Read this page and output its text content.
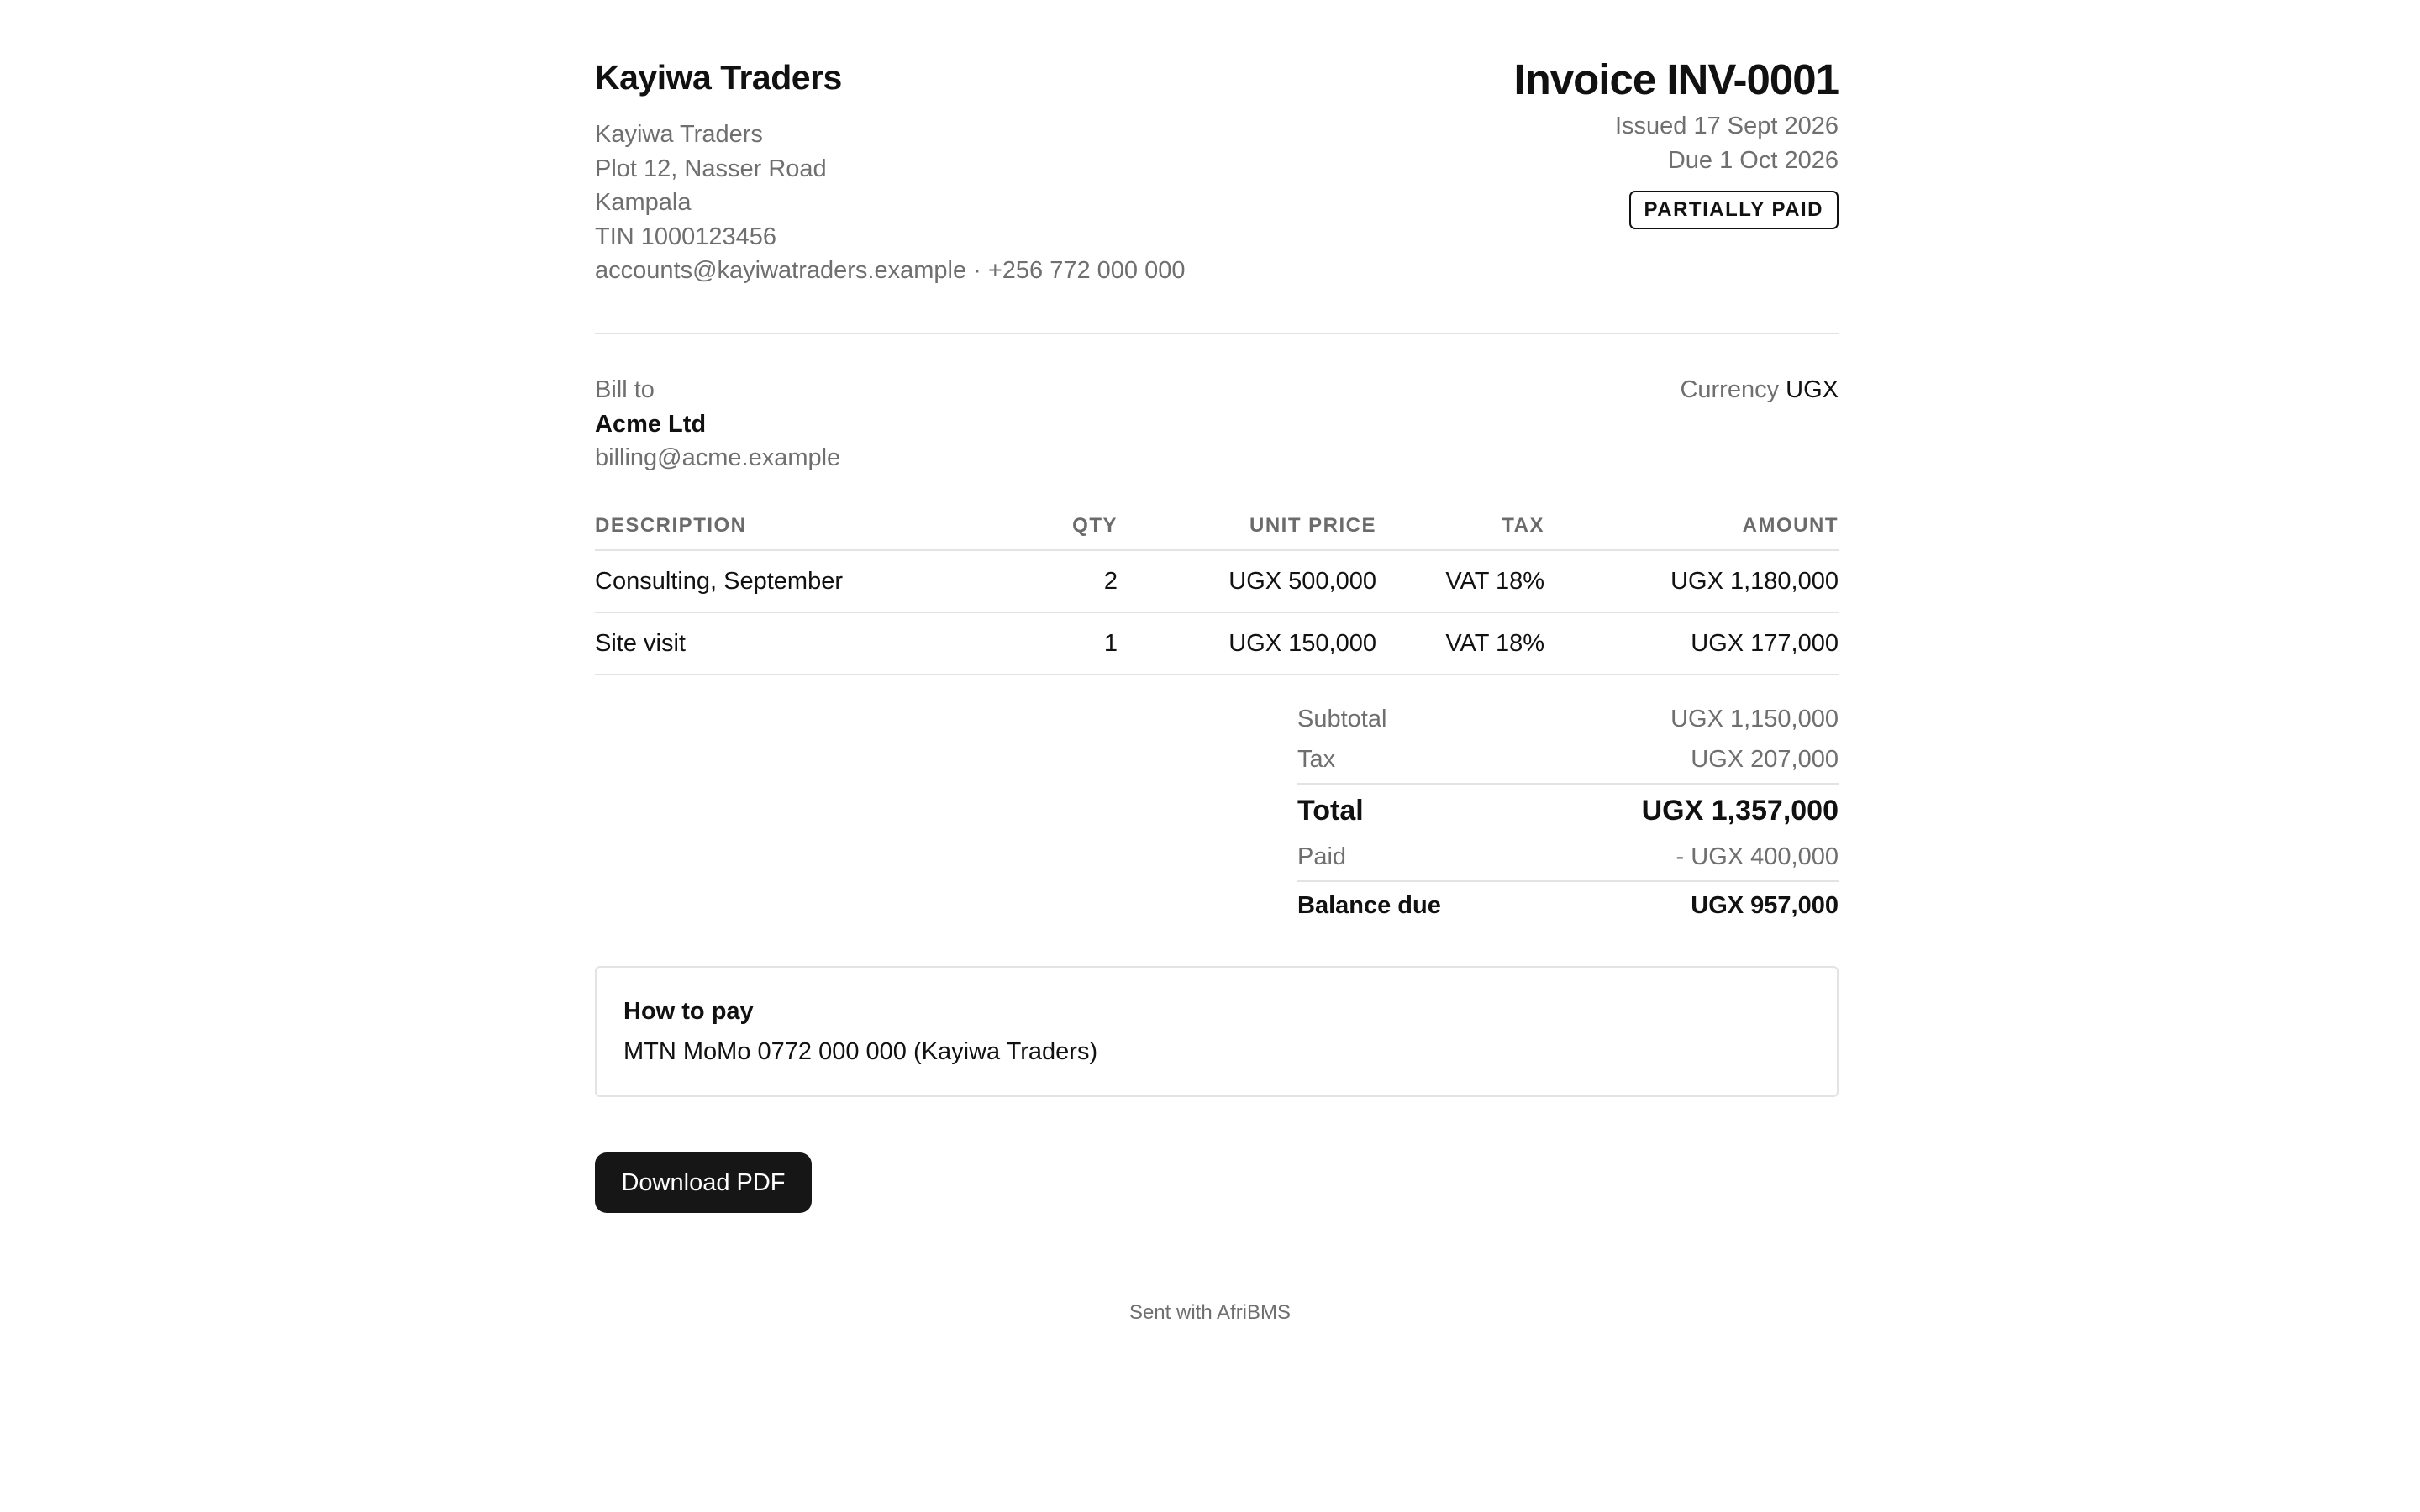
Kayiwa Traders
Kayiwa Traders
Plot 12, Nasser Road
Kampala
TIN 1000123456
accounts@kayiwatraders.example · +256 772 000 000
Invoice INV-0001
Issued 17 Sept 2026
Due 1 Oct 2026
PARTIALLY PAID
Bill to
Acme Ltd
billing@acme.example
Currency UGX
DESCRIPTION	QTY	UNIT PRICE	TAX	AMOUNT
Consulting, September	2	UGX 500,000	VAT 18%	UGX 1,180,000
Site visit	1	UGX 150,000	VAT 18%	UGX 177,000
Subtotal	UGX 1,150,000
Tax	UGX 207,000
Total	UGX 1,357,000
Paid	- UGX 400,000
Balance due	UGX 957,000
How to pay
MTN MoMo 0772 000 000 (Kayiwa Traders)
Download PDF
Sent with AfriBMS
